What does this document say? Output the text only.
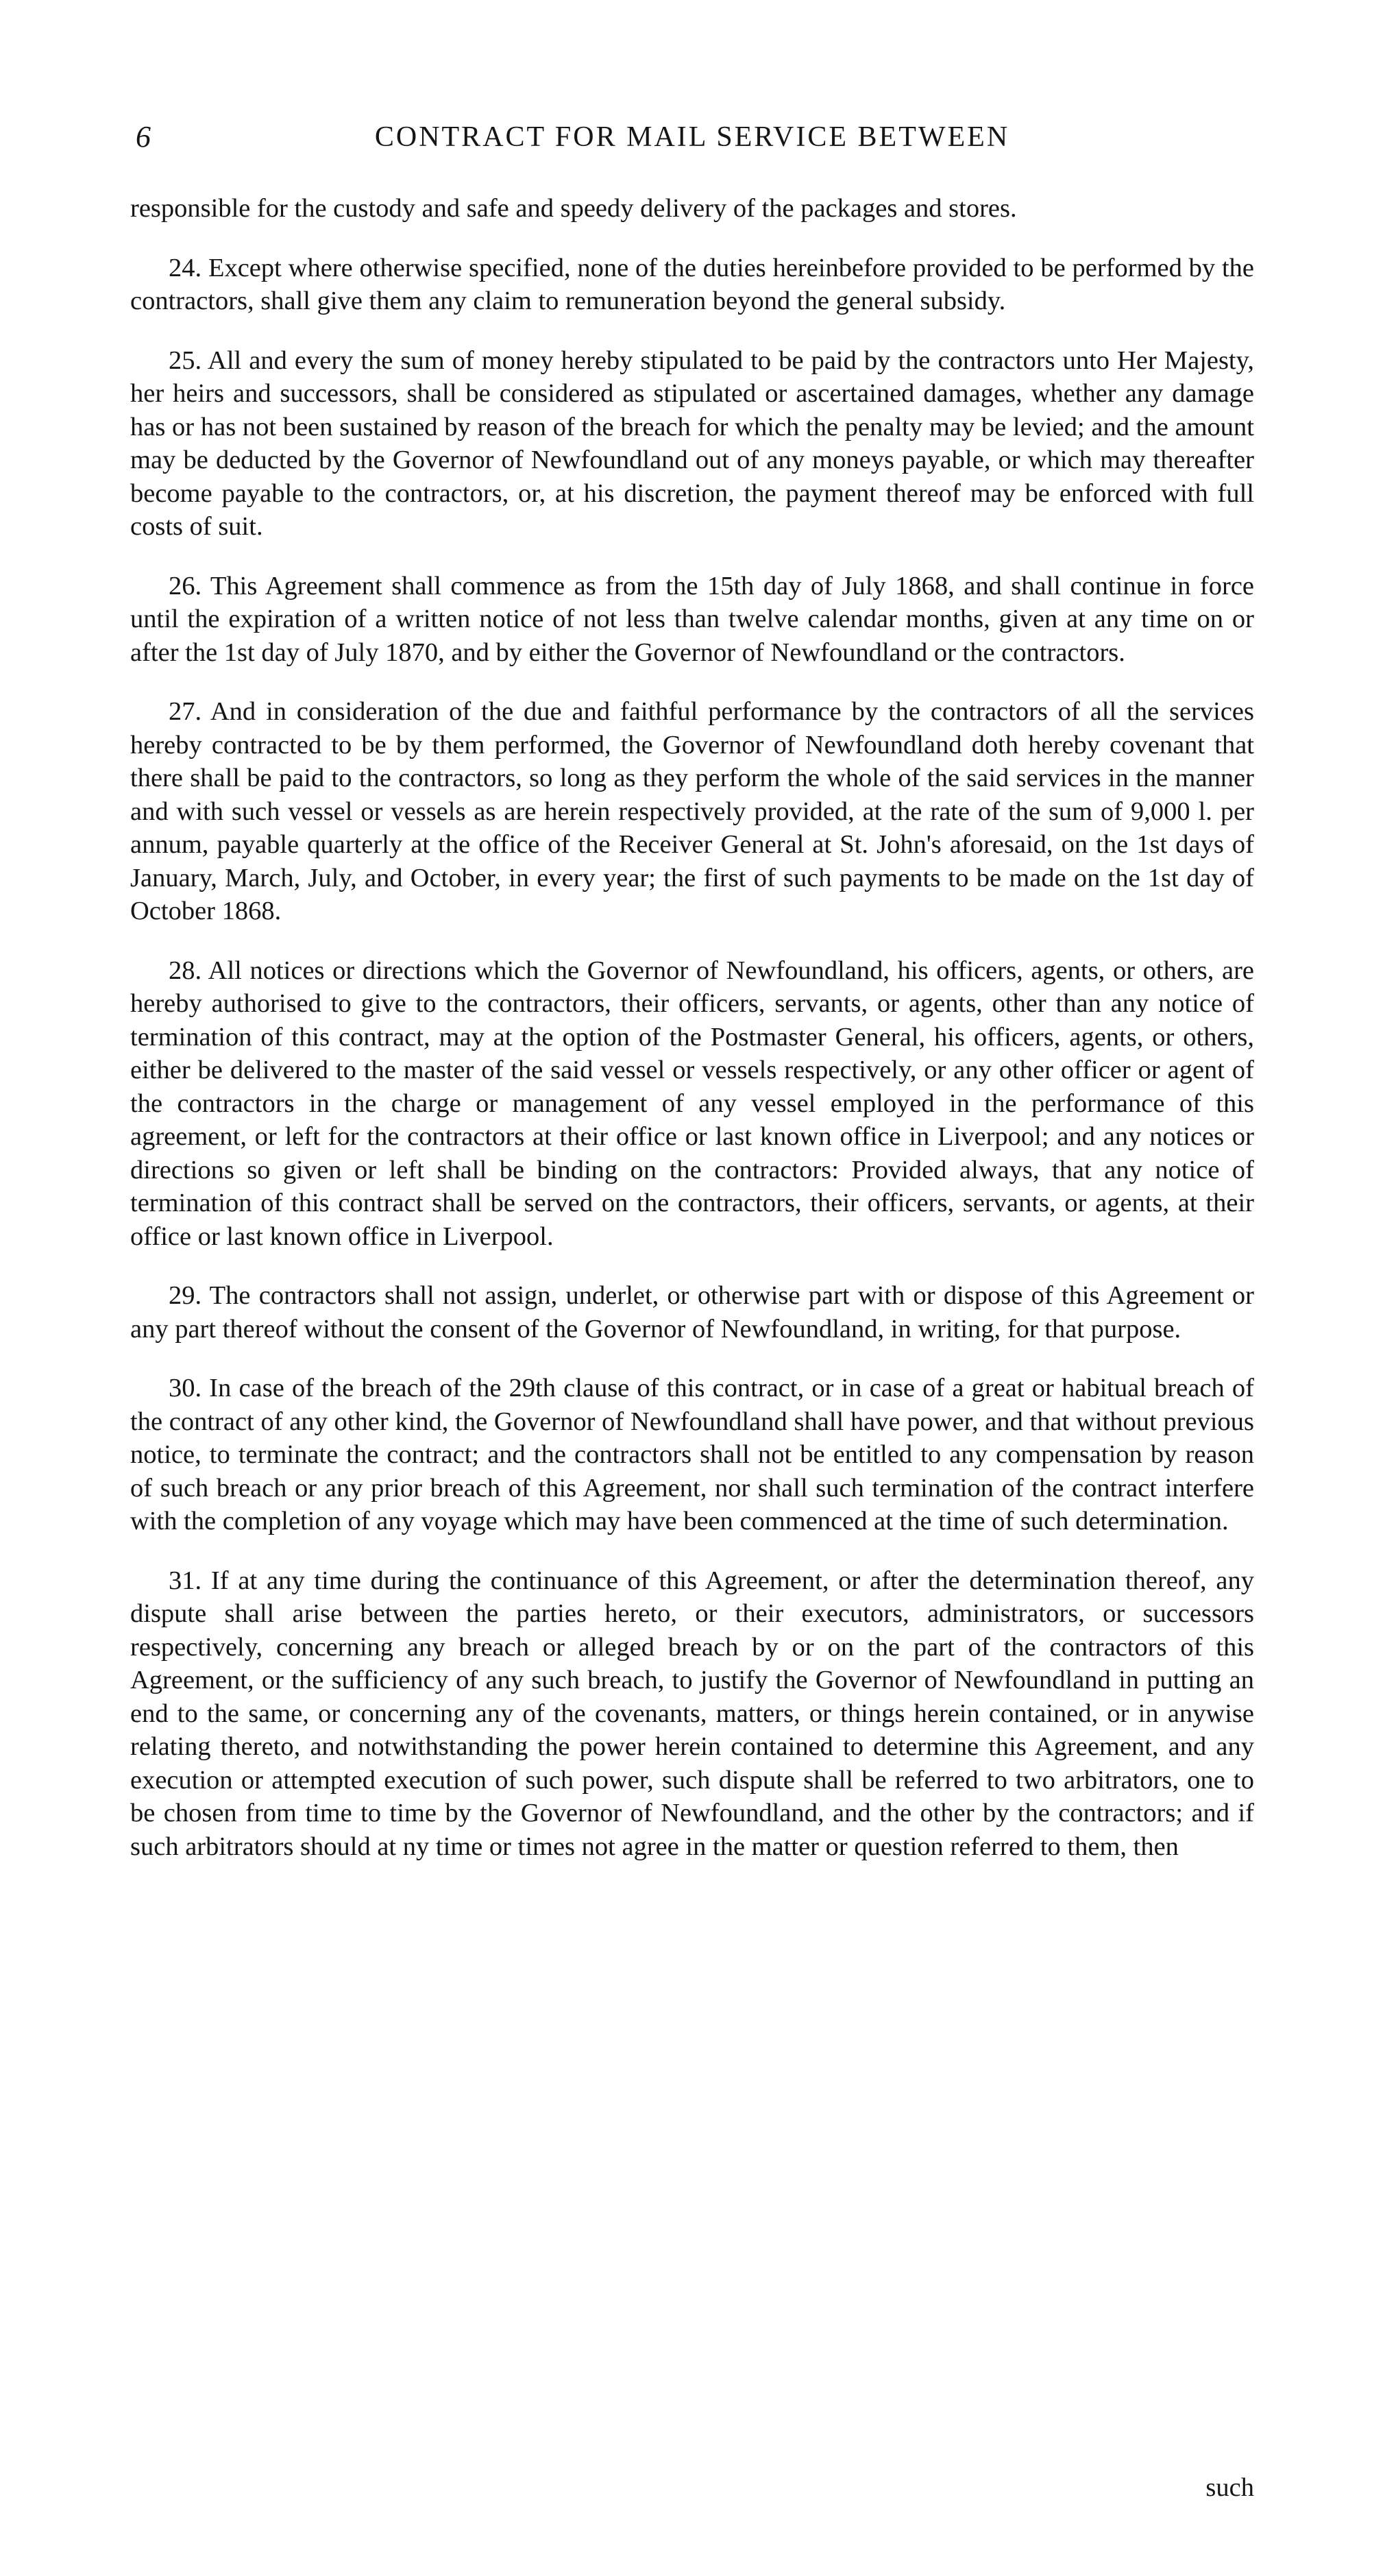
6	CONTRACT FOR MAIL SERVICE BETWEEN

responsible for the custody and safe and speedy delivery of the packages and stores.

24. Except where otherwise specified, none of the duties hereinbefore provided to be performed by the contractors, shall give them any claim to remuneration beyond the general subsidy.

25. All and every the sum of money hereby stipulated to be paid by the contractors unto Her Majesty, her heirs and successors, shall be considered as stipulated or ascertained damages, whether any damage has or has not been sustained by reason of the breach for which the penalty may be levied; and the amount may be deducted by the Governor of Newfoundland out of any moneys payable, or which may thereafter become payable to the contractors, or, at his discretion, the payment thereof may be enforced with full costs of suit.

26. This Agreement shall commence as from the 15th day of July 1868, and shall continue in force until the expiration of a written notice of not less than twelve calendar months, given at any time on or after the 1st day of July 1870, and by either the Governor of Newfoundland or the contractors.

27. And in consideration of the due and faithful performance by the contractors of all the services hereby contracted to be by them performed, the Governor of Newfoundland doth hereby covenant that there shall be paid to the contractors, so long as they perform the whole of the said services in the manner and with such vessel or vessels as are herein respectively provided, at the rate of the sum of 9,000 l. per annum, payable quarterly at the office of the Receiver General at St. John's aforesaid, on the 1st days of January, March, July, and October, in every year; the first of such payments to be made on the 1st day of October 1868.

28. All notices or directions which the Governor of Newfoundland, his officers, agents, or others, are hereby authorised to give to the contractors, their officers, servants, or agents, other than any notice of termination of this contract, may at the option of the Postmaster General, his officers, agents, or others, either be delivered to the master of the said vessel or vessels respectively, or any other officer or agent of the contractors in the charge or management of any vessel employed in the performance of this agreement, or left for the contractors at their office or last known office in Liverpool; and any notices or directions so given or left shall be binding on the contractors: Provided always, that any notice of termination of this contract shall be served on the contractors, their officers, servants, or agents, at their office or last known office in Liverpool.

29. The contractors shall not assign, underlet, or otherwise part with or dispose of this Agreement or any part thereof without the consent of the Governor of Newfoundland, in writing, for that purpose.

30. In case of the breach of the 29th clause of this contract, or in case of a great or habitual breach of the contract of any other kind, the Governor of Newfoundland shall have power, and that without previous notice, to terminate the contract; and the contractors shall not be entitled to any compensation by reason of such breach or any prior breach of this Agreement, nor shall such termination of the contract interfere with the completion of any voyage which may have been commenced at the time of such determination.

31. If at any time during the continuance of this Agreement, or after the determination thereof, any dispute shall arise between the parties hereto, or their executors, administrators, or successors respectively, concerning any breach or alleged breach by or on the part of the contractors of this Agreement, or the sufficiency of any such breach, to justify the Governor of Newfoundland in putting an end to the same, or concerning any of the covenants, matters, or things herein contained, or in anywise relating thereto, and notwithstanding the power herein contained to determine this Agreement, and any execution or attempted execution of such power, such dispute shall be referred to two arbitrators, one to be chosen from time to time by the Governor of Newfoundland, and the other by the contractors; and if such arbitrators should at ny time or times not agree in the matter or question referred to them, then

such
